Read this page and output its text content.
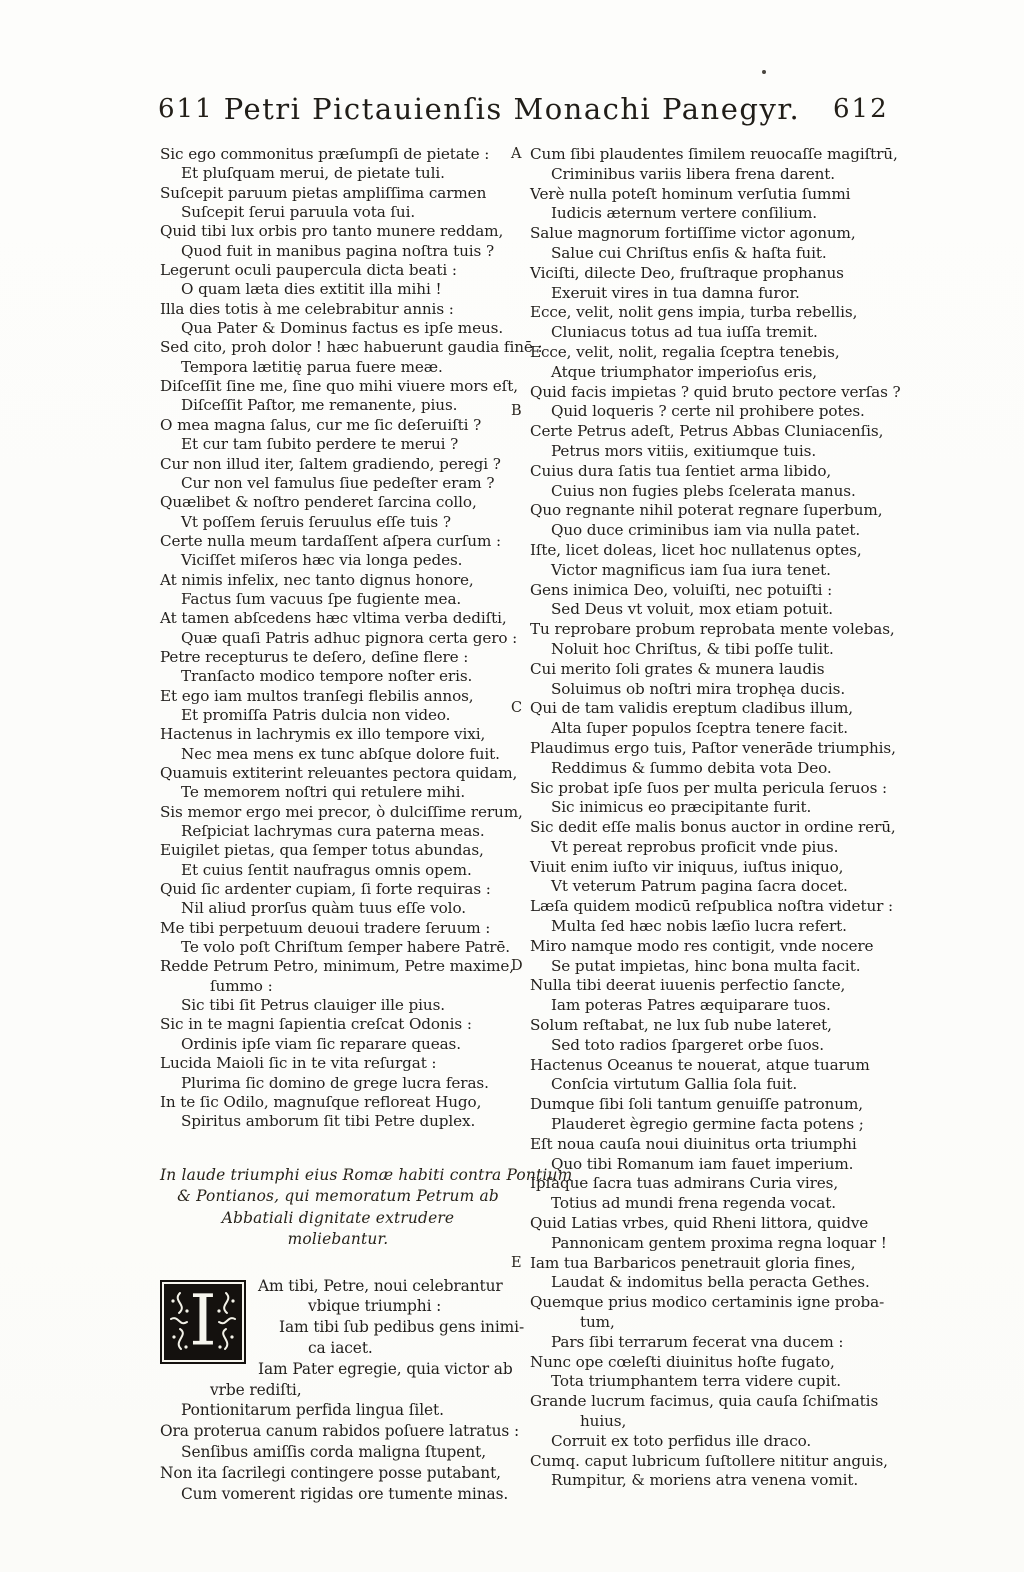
611 Petri Pictauienſis Monachi Panegyr.	612
Sic ego commonitus præſumpſi de pietate :
Et pluſquam merui, de pietate tuli.
Suſcepit paruum pietas ampliſſima carmen
Suſcepit ſerui paruula vota ſui.
Quid tibi lux orbis pro tanto munere reddam,
Quod fuit in manibus pagina noſtra tuis ?
Legerunt oculi paupercula dicta beati :
O quam læta dies extitit illa mihi !
Illa dies totis à me celebrabitur annis :
Qua Pater & Dominus factus es ipſe meus.
Sed cito, proh dolor ! hæc habuerunt gaudia finē :
Tempora lætitię parua fuere meæ.
Diſceſſit ſine me, ſine quo mihi viuere mors eſt,
Diſceſſit Paſtor, me remanente, pius.
O mea magna ſalus, cur me ſic deſeruiſti ?
Et cur tam ſubito perdere te merui ?
Cur non illud iter, ſaltem gradiendo, peregi ?
Cur non vel famulus ſiue pedeſter eram ?
Quælibet & noſtro penderet ſarcina collo,
Vt poſſem ſeruis ſeruulus eſſe tuis ?
Certe nulla meum tardaſſent aſpera curſum :
Viciſſet miſeros hæc via longa pedes.
At nimis infelix, nec tanto dignus honore,
Factus ſum vacuus ſpe fugiente mea.
At tamen abſcedens hæc vltima verba dediſti,
Quæ quaſi Patris adhuc pignora certa gero :
Petre recepturus te deſero, deſine flere :
Tranſacto modico tempore noſter eris.
Et ego iam multos tranſegi flebilis annos,
Et promiſſa Patris dulcia non video.
Hactenus in lachrymis ex illo tempore vixi,
Nec mea mens ex tunc abſque dolore fuit.
Quamuis extiterint releuantes pectora quidam,
Te memorem noſtri qui retulere mihi.
Sis memor ergo mei precor, ò dulciſſime rerum,
Reſpiciat lachrymas cura paterna meas.
Euigilet pietas, qua ſemper totus abundas,
Et cuius ſentit naufragus omnis opem.
Quid ſic ardenter cupiam, ſi forte requiras :
Nil aliud prorſus quàm tuus eſſe volo.
Me tibi perpetuum deuoui tradere ſeruum :
Te volo poſt Chriſtum ſemper habere Patrē.
Redde Petrum Petro, minimum, Petre maxime,
ſummo :
Sic tibi ſit Petrus clauiger ille pius.
Sic in te magni ſapientia creſcat Odonis :
Ordinis ipſe viam ſic reparare queas.
Lucida Maioli ſic in te vita reſurgat :
Plurima ſic domino de grege lucra feras.
In te ſic Odilo, magnuſque refloreat Hugo,
Spiritus amborum ſit tibi Petre duplex.
In laude triumphi eius Romæ habiti contra Pontium
& Pontianos, qui memoratum Petrum ab
Abbatiali dignitate extrudere
moliebantur.
I	Am tibi, Petre, noui celebrantur
vbique triumphi :
Iam tibi ſub pedibus gens inimi-
ca iacet.
Iam Pater egregie, quia victor ab
vrbe rediſti,
Pontionitarum perfida lingua ſilet.
Ora proterua canum rabidos poſuere latratus :
Senſibus amiſſis corda maligna ſtupent,
Non ita ſacrilegi contingere posse putabant,
Cum vomerent rigidas ore tumente minas.
A Cum ſibi plaudentes ſimilem reuocaſſe magiſtrū,
Criminibus variis libera frena darent.
Verè nulla poteſt hominum verſutia ſummi
Iudicis æternum vertere conſilium.
Salue magnorum fortiſſime victor agonum,
Salue cui Chriſtus enſis & haſta fuit.
Viciſti, dilecte Deo, fruſtraque prophanus
Exeruit vires in tua damna furor.
Ecce, velit, nolit gens impia, turba rebellis,
Cluniacus totus ad tua iuſſa tremit.
Ecce, velit, nolit, regalia ſceptra tenebis,
Atque triumphator imperioſus eris,
Quid facis impietas ? quid bruto pectore verſas ?
B Quid loqueris ? certe nil prohibere potes.
Certe Petrus adeſt, Petrus Abbas Cluniacenſis,
Petrus mors vitiis, exitiumque tuis.
Cuius dura ſatis tua ſentiet arma libido,
Cuius non fugies plebs ſcelerata manus.
Quo regnante nihil poterat regnare ſuperbum,
Quo duce criminibus iam via nulla patet.
Iſte, licet doleas, licet hoc nullatenus optes,
Victor magnificus iam ſua iura tenet.
Gens inimica Deo, voluiſti, nec potuiſti :
Sed Deus vt voluit, mox etiam potuit.
Tu reprobare probum reprobata mente volebas,
Noluit hoc Chriſtus, & tibi poſſe tulit.
Cui merito ſoli grates & munera laudis
Soluimus ob noſtri mira trophęa ducis.
C Qui de tam validis ereptum cladibus illum,
Alta ſuper populos ſceptra tenere facit.
Plaudimus ergo tuis, Paſtor venerāde triumphis,
Reddimus & ſummo debita vota Deo.
Sic probat ipſe ſuos per multa pericula ſeruos :
Sic inimicus eo præcipitante furit.
Sic dedit eſſe malis bonus auctor in ordine rerū,
Vt pereat reprobus proficit vnde pius.
Viuit enim iuſto vir iniquus, iuſtus iniquo,
Vt veterum Patrum pagina ſacra docet.
Læſa quidem modicū reſpublica noſtra videtur :
Multa ſed hæc nobis læſio lucra refert.
Miro namque modo res contigit, vnde nocere
D Se putat impietas, hinc bona multa facit.
Nulla tibi deerat iuuenis perfectio ſancte,
Iam poteras Patres æquiparare tuos.
Solum reſtabat, ne lux ſub nube lateret,
Sed toto radios ſpargeret orbe ſuos.
Hactenus Oceanus te nouerat, atque tuarum
Conſcia virtutum Gallia ſola fuit.
Dumque ſibi ſoli tantum genuiſſe patronum,
Plauderet ègregio germine facta potens ;
Eſt noua cauſa noui diuinitus orta triumphi
Quo tibi Romanum iam fauet imperium.
Ipſaque ſacra tuas admirans Curia vires,
Totius ad mundi frena regenda vocat.
Quid Latias vrbes, quid Rheni littora, quidve
Pannonicam gentem proxima regna loquar !
E Iam tua Barbaricos penetrauit gloria fines,
Laudat & indomitus bella peracta Gethes.
Quemque prius modico certaminis igne proba-
tum,
Pars ſibi terrarum fecerat vna ducem :
Nunc ope cœleſti diuinitus hoſte fugato,
Tota triumphantem terra videre cupit.
Grande lucrum facimus, quia cauſa ſchiſmatis
huius,
Corruit ex toto perfidus ille draco.
Cumq. caput lubricum ſuſtollere nititur anguis,
Rumpitur, & moriens atra venena vomit.
